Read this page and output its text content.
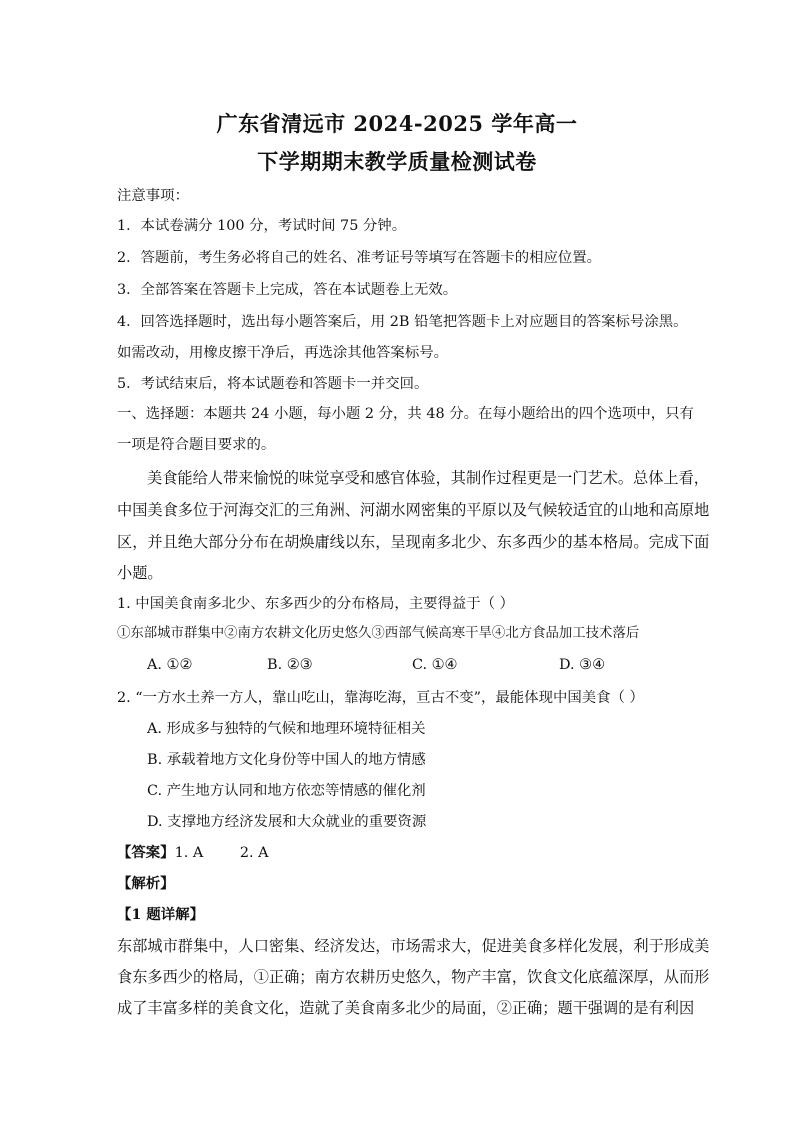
广东省清远市 2024-2025 学年高一
下学期期末教学质量检测试卷
注意事项：
1．本试卷满分 100 分，考试时间 75 分钟。
2．答题前，考生务必将自己的姓名、准考证号等填写在答题卡的相应位置。
3．全部答案在答题卡上完成，答在本试题卷上无效。
4．回答选择题时，选出每小题答案后，用 2B 铅笔把答题卡上对应题目的答案标号涂黑。
如需改动，用橡皮擦干净后，再选涂其他答案标号。
5．考试结束后，将本试题卷和答题卡一并交回。
一、选择题：本题共 24 小题，每小题 2 分，共 48 分。在每小题给出的四个选项中，只有
一项是符合题目要求的。
美食能给人带来愉悦的味觉享受和感官体验，其制作过程更是一门艺术。总体上看，
中国美食多位于河海交汇的三角洲、河湖水网密集的平原以及气候较适宜的山地和高原地
区，并且绝大部分分布在胡焕庸线以东，呈现南多北少、东多西少的基本格局。完成下面
小题。
1. 中国美食南多北少、东多西少的分布格局，主要得益于（ ）
①东部城市群集中②南方农耕文化历史悠久③西部气候高寒干旱④北方食品加工技术落后
A. ①②	B. ②③	C. ①④	D. ③④
2. “一方水土养一方人，靠山吃山，靠海吃海，亘古不变”，最能体现中国美食（ ）
A. 形成多与独特的气候和地理环境特征相关
B. 承载着地方文化身份等中国人的地方情感
C. 产生地方认同和地方依恋等情感的催化剂
D. 支撑地方经济发展和大众就业的重要资源
【答案】1. A        2. A
【解析】
【1 题详解】
东部城市群集中，人口密集、经济发达，市场需求大，促进美食多样化发展，利于形成美
食东多西少的格局，①正确；南方农耕历史悠久，物产丰富，饮食文化底蕴深厚，从而形
成了丰富多样的美食文化，造就了美食南多北少的局面，②正确；题干强调的是有利因
